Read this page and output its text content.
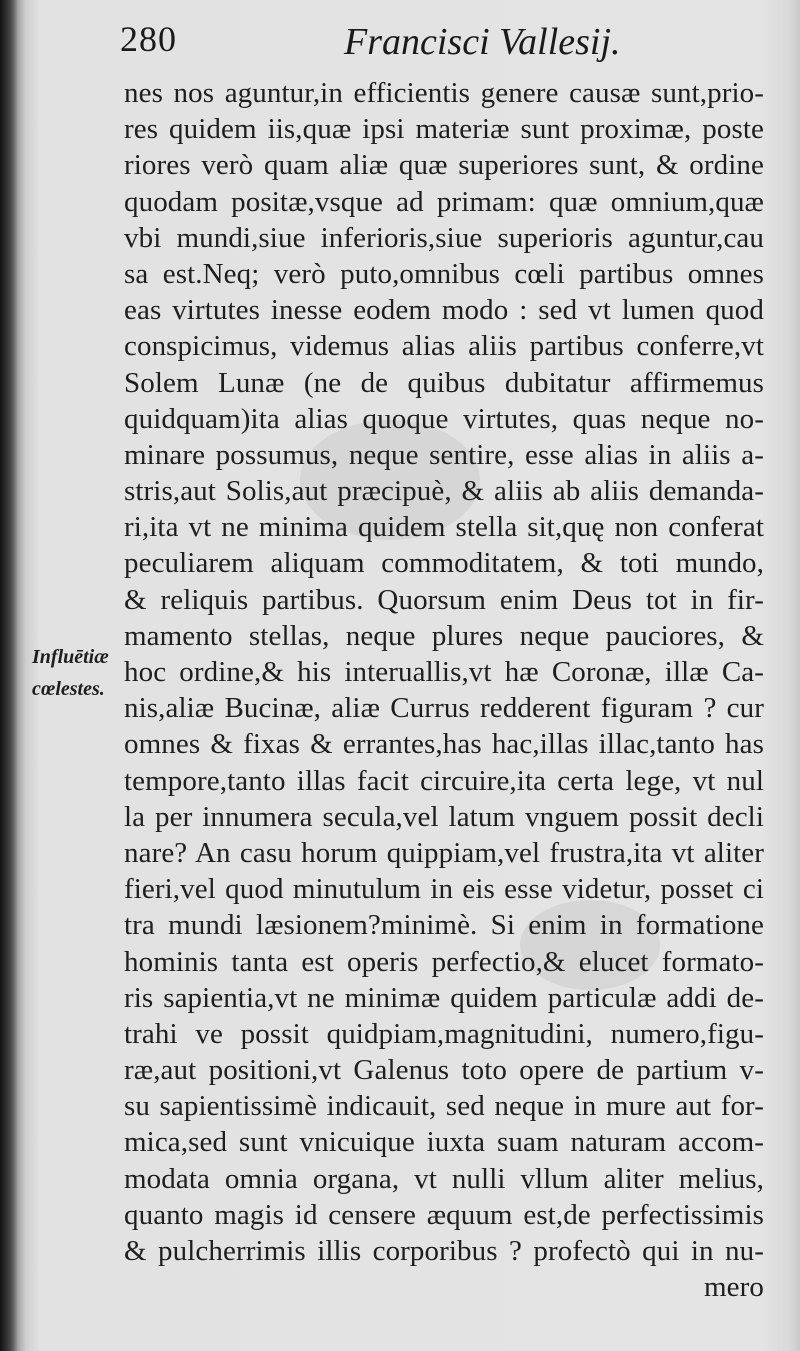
280	Francisci Vallesij.
Influētiæ
cœlestes.
nes nos aguntur,in efficientis genere causæ sunt,prio-
res quidem iis,quæ ipsi materiæ sunt proximæ, poste
riores verò quam aliæ quæ superiores sunt, & ordine
quodam positæ,vsque ad primam: quæ omnium,quæ
vbi mundi,siue inferioris,siue superioris aguntur,cau
sa est.Neq; verò puto,omnibus cœli partibus omnes
eas virtutes inesse eodem modo : sed vt lumen quod
conspicimus, videmus alias aliis partibus conferre,vt
Solem Lunæ (ne de quibus dubitatur affirmemus
quidquam)ita alias quoque virtutes, quas neque no-
minare possumus, neque sentire, esse alias in aliis a-
stris,aut Solis,aut præcipuè, & aliis ab aliis demanda-
ri,ita vt ne minima quidem stella sit,quę non conferat
peculiarem aliquam commoditatem, & toti mundo,
& reliquis partibus. Quorsum enim Deus tot in fir-
mamento stellas, neque plures neque pauciores, &
hoc ordine,& his interuallis,vt hæ Coronæ, illæ Ca-
nis,aliæ Bucinæ, aliæ Currus redderent figuram ? cur
omnes & fixas & errantes,has hac,illas illac,tanto has
tempore,tanto illas facit circuire,ita certa lege, vt nul
la per innumera secula,vel latum vnguem possit decli
nare? An casu horum quippiam,vel frustra,ita vt aliter
fieri,vel quod minutulum in eis esse videtur, posset ci
tra mundi læsionem?minimè. Si enim in formatione
hominis tanta est operis perfectio,& elucet formato-
ris sapientia,vt ne minimæ quidem particulæ addi de-
trahi ve possit quidpiam,magnitudini, numero,figu-
ræ,aut positioni,vt Galenus toto opere de partium v-
su sapientissimè indicauit, sed neque in mure aut for-
mica,sed sunt vnicuique iuxta suam naturam accom-
modata omnia organa, vt nulli vllum aliter melius,
quanto magis id censere æquum est,de perfectissimis
& pulcherrimis illis corporibus ? profectò qui in nu-
mero
